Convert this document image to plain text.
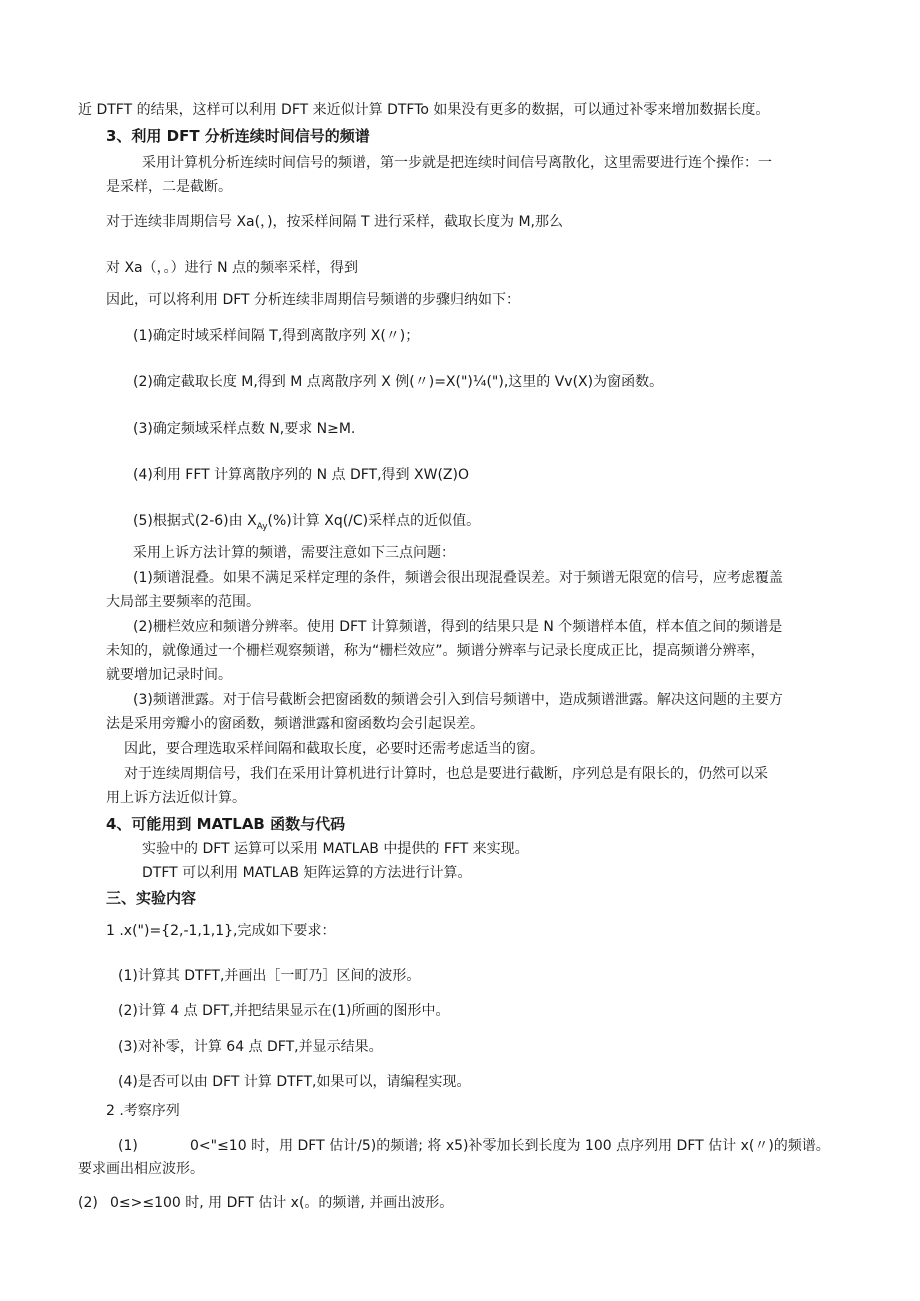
近 DTFT 的结果，这样可以利用 DFT 来近似计算 DTFTo 如果没有更多的数据，可以通过补零来增加数据长度。
3、利用 DFT 分析连续时间信号的频谱
采用计算机分析连续时间信号的频谱，第一步就是把连续时间信号离散化，这里需要进行连个操作：一
是采样，二是截断。
对于连续非周期信号 Xa(，)，按采样间隔 T 进行采样，截取长度为 M,那么
对 Xa（，。）进行 N 点的频率采样，得到
因此，可以将利用 DFT 分析连续非周期信号频谱的步骤归纳如下：
(1)确定时域采样间隔 T,得到离散序列 X(〃)；
(2)确定截取长度 M,得到 M 点离散序列 X 例(〃)=X(")¼("),这里的 Vv(X)为窗函数。
(3)确定频域采样点数 N,要求 N≥M.
(4)利用 FFT 计算离散序列的 N 点 DFT,得到 XW(Z)O
(5)根据式(2-6)由 $X_{Ay}(\%)$计算 Xq(/C)采样点的近似值。
采用上诉方法计算的频谱，需要注意如下三点问题：
(1)频谱混叠。如果不满足采样定理的条件，频谱会很出现混叠误差。对于频谱无限宽的信号，应考虑覆盖
大局部主要频率的范围。
(2)栅栏效应和频谱分辨率。使用 DFT 计算频谱，得到的结果只是 N 个频谱样本值，样本值之间的频谱是
未知的，就像通过一个栅栏观察频谱，称为“栅栏效应”。频谱分辨率与记录长度成正比，提高频谱分辨率，
就要增加记录时间。
(3)频谱泄露。对于信号截断会把窗函数的频谱会引入到信号频谱中，造成频谱泄露。解决这问题的主要方
法是采用旁瓣小的窗函数，频谱泄露和窗函数均会引起误差。
因此，要合理选取采样间隔和截取长度，必要时还需考虑适当的窗。
对于连续周期信号，我们在采用计算机进行计算时，也总是要进行截断，序列总是有限长的，仍然可以采
用上诉方法近似计算。
4、可能用到 MATLAB 函数与代码
实验中的 DFT 运算可以采用 MATLAB 中提供的 FFT 来实现。
DTFT 可以利用 MATLAB 矩阵运算的方法进行计算。
三、实验内容
1 .x(")={2,-1,1,1},完成如下要求：
(1)计算其 DTFT,并画出［一町乃］区间的波形。
(2)计算 4 点 DFT,并把结果显示在(1)所画的图形中。
(3)对补零，计算 64 点 DFT,并显示结果。
(4)是否可以由 DFT 计算 DTFT,如果可以，请编程实现。
2 .考察序列
(1)	0<"≤10 时，用 DFT 估计/5)的频谱; 将 x5)补零加长到长度为 100 点序列用 DFT 估计 x(〃)的频谱。
要求画出相应波形。
(2) 0≤>≤100 时, 用 DFT 估计 x(。的频谱, 并画出波形。
